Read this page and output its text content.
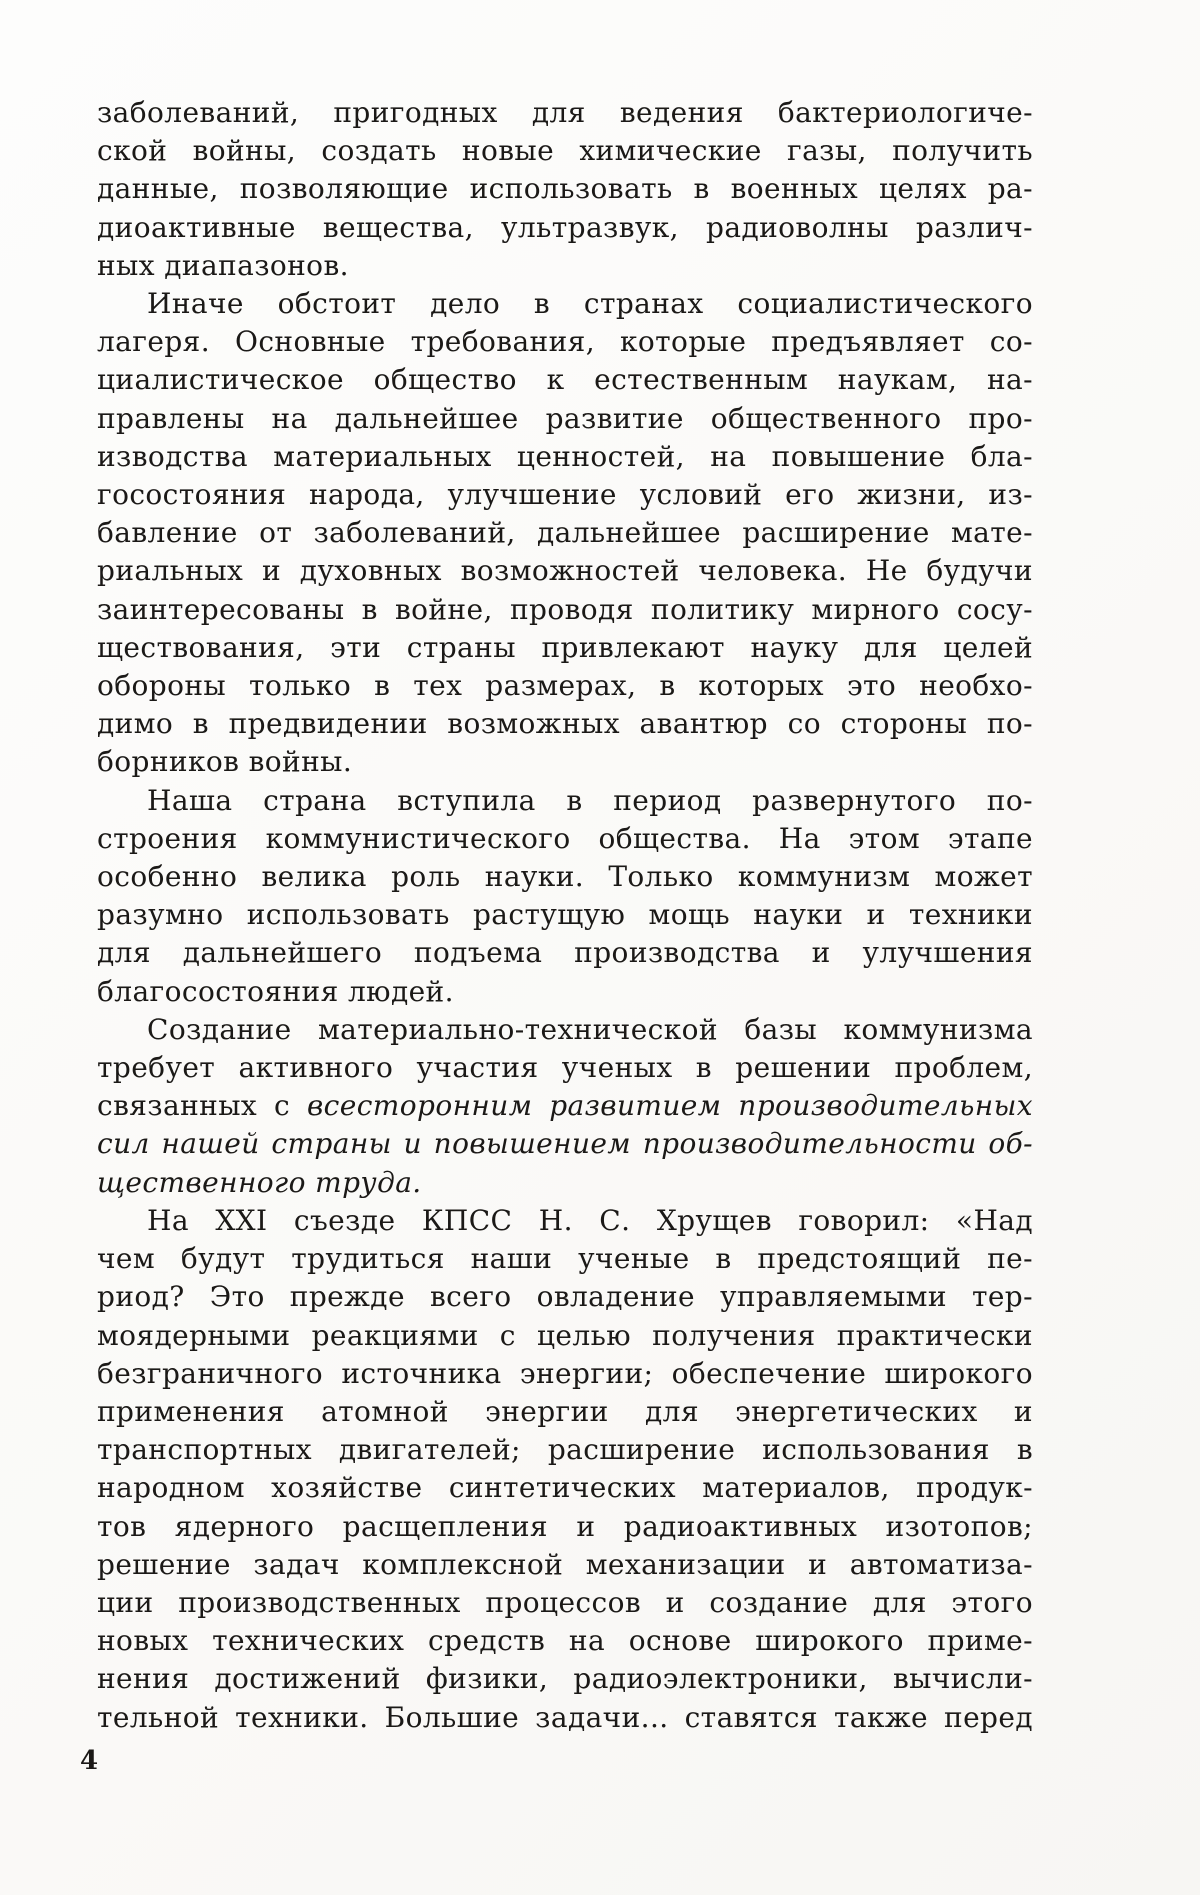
заболеваний, пригодных для ведения бактериологиче-
ской войны, создать новые химические газы, получить
данные, позволяющие использовать в военных целях ра-
диоактивные вещества, ультразвук, радиоволны различ-
ных диапазонов.
Иначе обстоит дело в странах социалистического
лагеря. Основные требования, которые предъявляет со-
циалистическое общество к естественным наукам, на-
правлены на дальнейшее развитие общественного про-
изводства материальных ценностей, на повышение бла-
госостояния народа, улучшение условий его жизни, из-
бавление от заболеваний, дальнейшее расширение мате-
риальных и духовных возможностей человека. Не будучи
заинтересованы в войне, проводя политику мирного сосу-
ществования, эти страны привлекают науку для целей
обороны только в тех размерах, в которых это необхо-
димо в предвидении возможных авантюр со стороны по-
борников войны.
Наша страна вступила в период развернутого по-
строения коммунистического общества. На этом этапе
особенно велика роль науки. Только коммунизм может
разумно использовать растущую мощь науки и техники
для дальнейшего подъема производства и улучшения
благосостояния людей.
Создание материально-технической базы коммунизма
требует активного участия ученых в решении проблем,
связанных с всесторонним развитием производительных
сил нашей страны и повышением производительности об-
щественного труда.
На XXI съезде КПСС Н. С. Хрущев говорил: «Над
чем будут трудиться наши ученые в предстоящий пе-
риод? Это прежде всего овладение управляемыми тер-
моядерными реакциями с целью получения практически
безграничного источника энергии; обеспечение широкого
применения атомной энергии для энергетических и
транспортных двигателей; расширение использования в
народном хозяйстве синтетических материалов, продук-
тов ядерного расщепления и радиоактивных изотопов;
решение задач комплексной механизации и автоматиза-
ции производственных процессов и создание для этого
новых технических средств на основе широкого приме-
нения достижений физики, радиоэлектроники, вычисли-
тельной техники. Большие задачи... ставятся также перед
4
